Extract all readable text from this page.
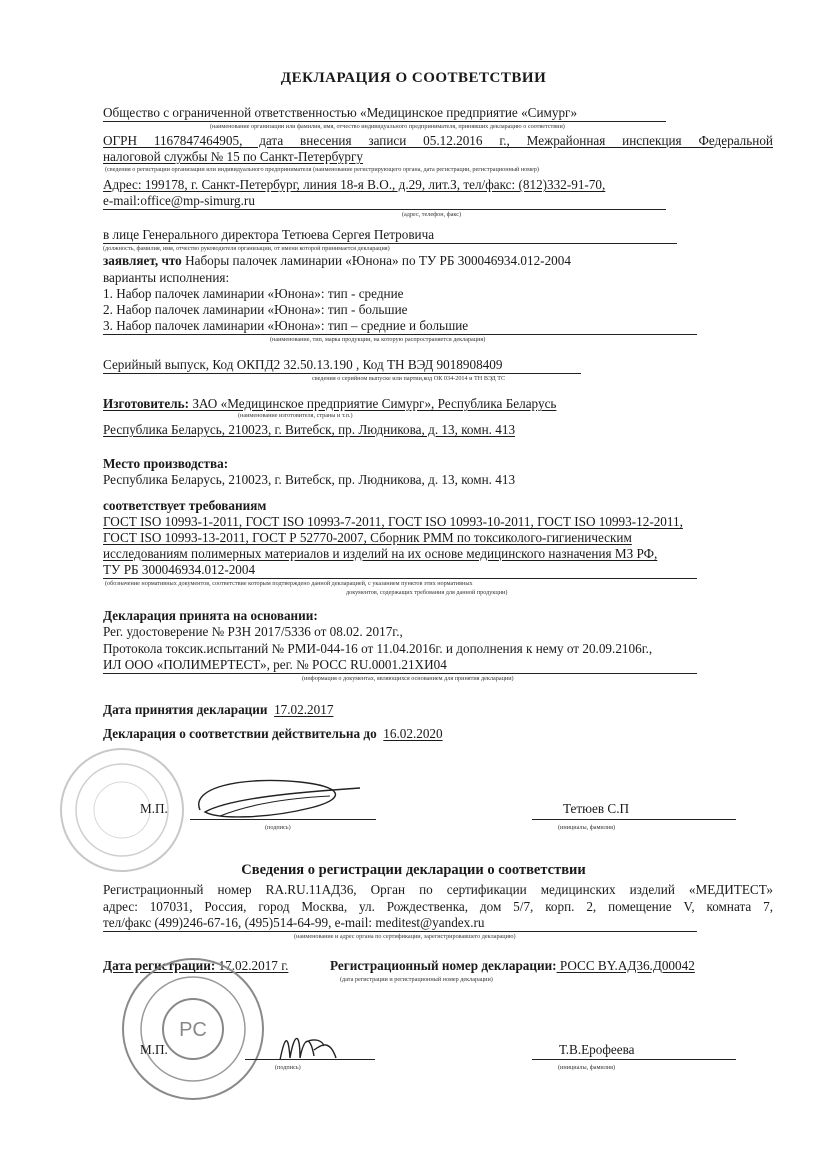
ДЕКЛАРАЦИЯ О СООТВЕТСТВИИ
Общество с ограниченной ответственностью «Медицинское предприятие «Симург»
(наименование организации или фамилия, имя, отчество индивидуального предпринимателя, принявших декларацию о соответствии)
ОГРН 1167847464905, дата внесения записи 05.12.2016 г., Межрайонная инспекция Федеральной
налоговой службы № 15 по Санкт-Петербургу
(сведения о регистрации организации или индивидуального предпринимателя (наименование регистрирующего органа, дата регистрации, регистрационный номер)
Адрес: 199178, г. Санкт-Петербург, линия 18-я В.О., д.29, лит.З, тел/факс: (812)332-91-70,
e-mail:office@mp-simurg.ru
(адрес, телефон, факс)
в лице Генерального директора Тетюева Сергея Петровича
(должность, фамилия, имя, отчество руководителя организации, от имени которой принимается декларация)
заявляет, что Наборы палочек ламинарии «Юнона» по ТУ РБ 300046934.012-2004
варианты исполнения:
1. Набор палочек ламинарии «Юнона»: тип - средние
2. Набор палочек ламинарии «Юнона»: тип - большие
3. Набор палочек ламинарии «Юнона»: тип – средние и большие
(наименование, тип, марка продукции, на которую распространяется декларация)
Серийный выпуск, Код ОКПД2 32.50.13.190 , Код ТН ВЭД 9018908409
сведения о серийном выпуске или партии,код ОК 034-2014 и ТН ВЭД ТС
Изготовитель: ЗАО «Медицинское предприятие Симург», Республика Беларусь
(наименование изготовителя, страны и т.п.)
Республика Беларусь, 210023, г. Витебск, пр. Людникова, д. 13, комн. 413
Место производства:
Республика Беларусь, 210023, г. Витебск, пр. Людникова, д. 13, комн. 413
соответствует требованиям
ГОСТ ISO 10993-1-2011, ГОСТ ISO 10993-7-2011, ГОСТ ISO 10993-10-2011, ГОСТ ISO 10993-12-2011,
ГОСТ ISO 10993-13-2011, ГОСТ Р 52770-2007, Сборник РММ по токсиколого-гигиеническим
исследованиям полимерных материалов и изделий на их основе медицинского назначения МЗ РФ,
ТУ РБ 300046934.012-2004
(обозначение нормативных документов, соответствие которым подтверждено данной декларацией, с указанием пунктов этих нормативных
документов, содержащих требования для данной продукции)
Декларация принята на основании:
Рег. удостоверение № РЗН 2017/5336 от 08.02. 2017г.,
Протокола токсик.испытаний № РМИ-044-16 от 11.04.2016г. и дополнения к нему от 20.09.2106г.,
ИЛ ООО «ПОЛИМЕРТЕСТ», рег. № РОСС RU.0001.21ХИ04
(информация о документах, являющихся основанием для принятия декларации)
Дата принятия декларации 17.02.2017
Декларация о соответствии действительна до 16.02.2020
М.П.
(подпись)
Тетюев С.П
(инициалы, фамилия)
Сведения о регистрации декларации о соответствии
Регистрационный номер RA.RU.11АД36, Орган по сертификации медицинских изделий «МЕДИТЕСТ»
адрес: 107031, Россия, город Москва, ул. Рождественка, дом 5/7, корп. 2, помещение V, комната 7,
тел/факс (499)246-67-16, (495)514-64-99, e-mail: meditest@yandex.ru
(наименование и адрес органа по сертификации, зарегистрировавшего декларацию)
Дата регистрации: 17.02.2017 г.	Регистрационный номер декларации: РОСС BY.АД36.Д00042
(дата регистрации и регистрационный номер декларации)
PC
М.П.
(подпись)
Т.В.Ерофеева
(инициалы, фамилия)
